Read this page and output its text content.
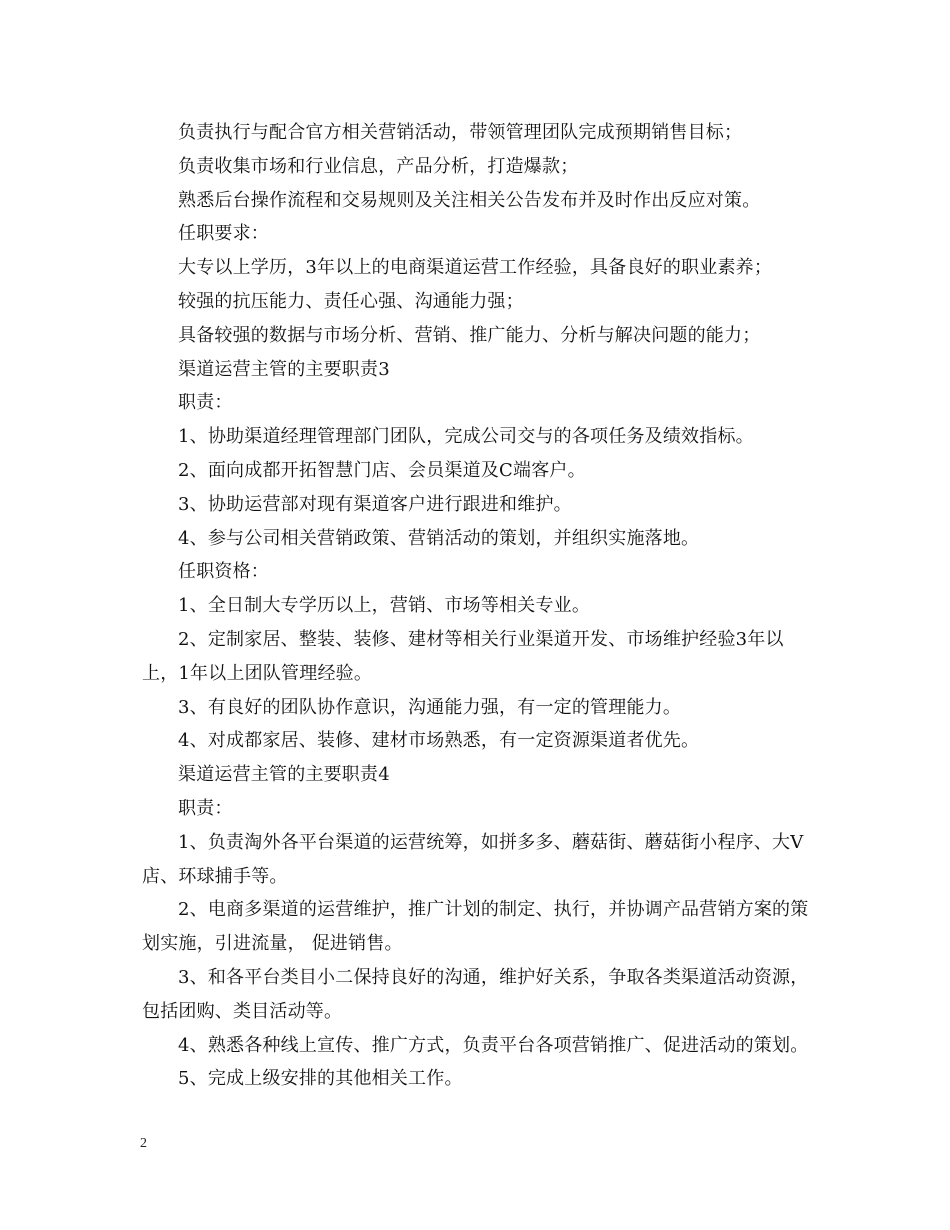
负责执行与配合官方相关营销活动，带领管理团队完成预期销售目标；

负责收集市场和行业信息，产品分析，打造爆款；

熟悉后台操作流程和交易规则及关注相关公告发布并及时作出反应对策。

任职要求：

大专以上学历，3年以上的电商渠道运营工作经验，具备良好的职业素养；

较强的抗压能力、责任心强、沟通能力强；

具备较强的数据与市场分析、营销、推广能力、分析与解决问题的能力；

渠道运营主管的主要职责3

职责：

1、协助渠道经理管理部门团队，完成公司交与的各项任务及绩效指标。

2、面向成都开拓智慧门店、会员渠道及C端客户。

3、协助运营部对现有渠道客户进行跟进和维护。

4、参与公司相关营销政策、营销活动的策划，并组织实施落地。

任职资格：

1、全日制大专学历以上，营销、市场等相关专业。

2、定制家居、整装、装修、建材等相关行业渠道开发、市场维护经验3年以上，1年以上团队管理经验。

3、有良好的团队协作意识，沟通能力强，有一定的管理能力。

4、对成都家居、装修、建材市场熟悉，有一定资源渠道者优先。

渠道运营主管的主要职责4

职责：

1、负责淘外各平台渠道的运营统筹，如拼多多、蘑菇街、蘑菇街小程序、大V店、环球捕手等。

2、电商多渠道的运营维护，推广计划的制定、执行，并协调产品营销方案的策划实施，引进流量， 促进销售。

3、和各平台类目小二保持良好的沟通，维护好关系，争取各类渠道活动资源，包括团购、类目活动等。

4、熟悉各种线上宣传、推广方式，负责平台各项营销推广、促进活动的策划。

5、完成上级安排的其他相关工作。

2
